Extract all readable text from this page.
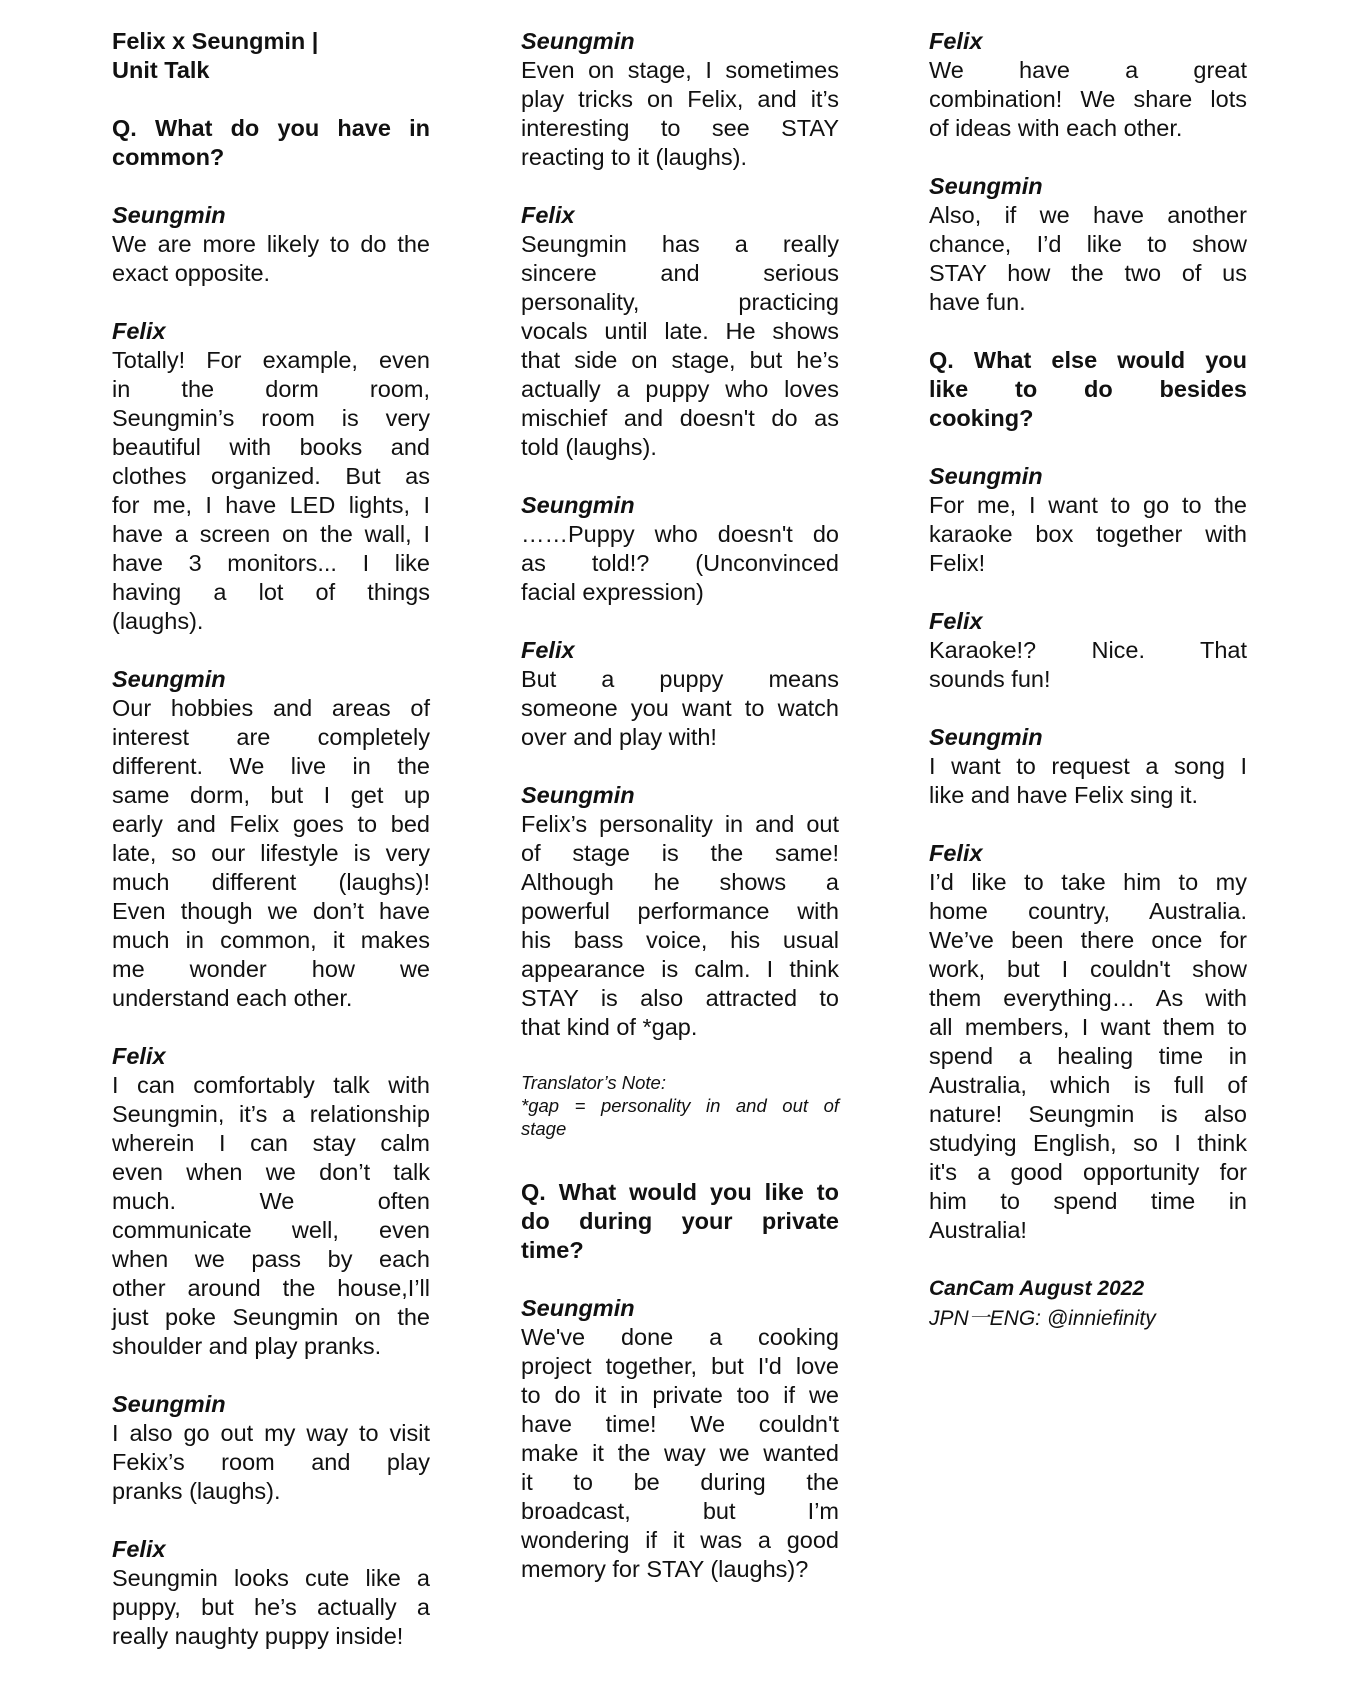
Felix x Seungmin |
Unit Talk
Q. What do you have in
common?
Seungmin
We are more likely to do the
exact opposite.
Felix
Totally! For example, even
in the dorm room,
Seungmin’s room is very
beautiful with books and
clothes organized. But as
for me, I have LED lights, I
have a screen on the wall, I
have 3 monitors... I like
having a lot of things
(laughs).
Seungmin
Our hobbies and areas of
interest are completely
different. We live in the
same dorm, but I get up
early and Felix goes to bed
late, so our lifestyle is very
much different (laughs)!
Even though we don’t have
much in common, it makes
me wonder how we
understand each other.
Felix
I can comfortably talk with
Seungmin, it’s a relationship
wherein I can stay calm
even when we don’t talk
much. We often
communicate well, even
when we pass by each
other around the house,I’ll
just poke Seungmin on the
shoulder and play pranks.
Seungmin
I also go out my way to visit
Fekix’s room and play
pranks (laughs).
Felix
Seungmin looks cute like a
puppy, but he’s actually a
really naughty puppy inside!
Seungmin
Even on stage, I sometimes
play tricks on Felix, and it’s
interesting to see STAY
reacting to it (laughs).
Felix
Seungmin has a really
sincere and serious
personality, practicing
vocals until late. He shows
that side on stage, but he’s
actually a puppy who loves
mischief and doesn't do as
told (laughs).
Seungmin
……Puppy who doesn't do
as told!? (Unconvinced
facial expression)
Felix
But a puppy means
someone you want to watch
over and play with!
Seungmin
Felix’s personality in and out
of stage is the same!
Although he shows a
powerful performance with
his bass voice, his usual
appearance is calm. I think
STAY is also attracted to
that kind of *gap.
Translator’s Note:
*gap = personality in and out of
stage
Q. What would you like to
do during your private
time?
Seungmin
We've done a cooking
project together, but I'd love
to do it in private too if we
have time! We couldn't
make it the way we wanted
it to be during the
broadcast, but I’m
wondering if it was a good
memory for STAY (laughs)?
Felix
We have a great
combination! We share lots
of ideas with each other.
Seungmin
Also, if we have another
chance, I’d like to show
STAY how the two of us
have fun.
Q. What else would you
like to do besides
cooking?
Seungmin
For me, I want to go to the
karaoke box together with
Felix!
Felix
Karaoke!? Nice. That
sounds fun!
Seungmin
I want to request a song I
like and have Felix sing it.
Felix
I’d like to take him to my
home country, Australia.
We’ve been there once for
work, but I couldn't show
them everything… As with
all members, I want them to
spend a healing time in
Australia, which is full of
nature! Seungmin is also
studying English, so I think
it's a good opportunity for
him to spend time in
Australia!
CanCam August 2022
JPN一ENG: @inniefinity
